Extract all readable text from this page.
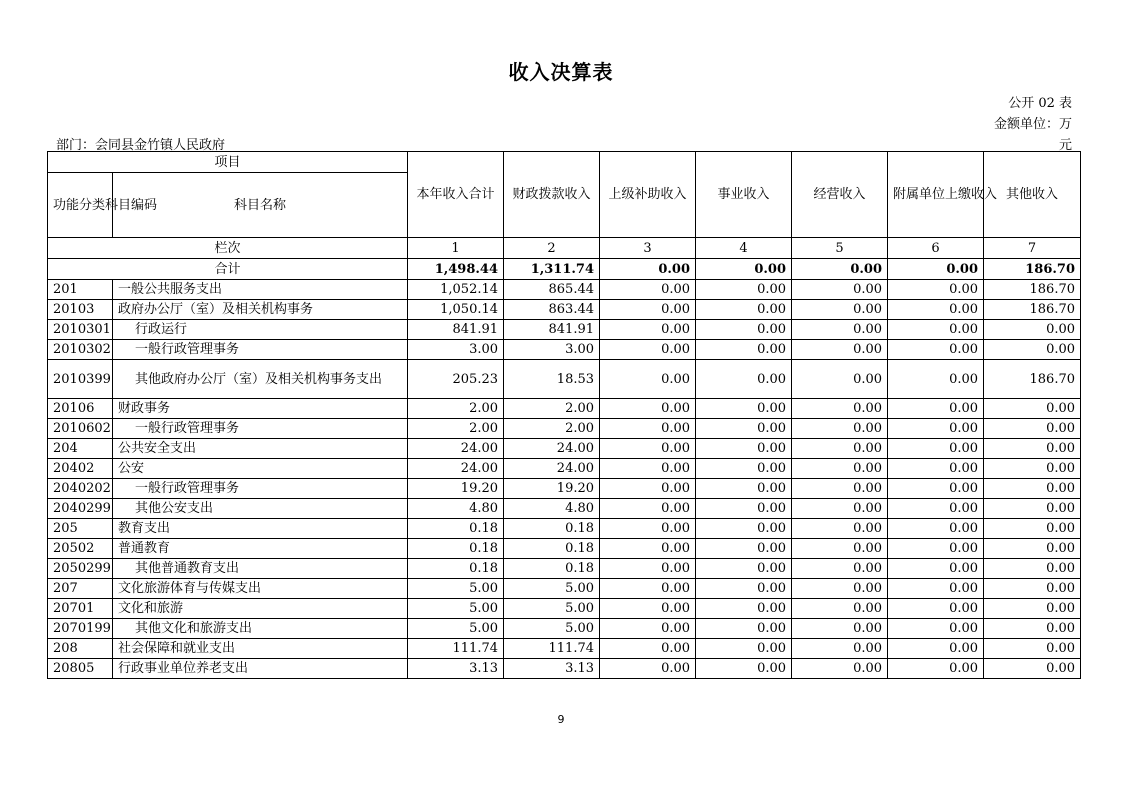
收入决算表
公开 02 表
金额单位：万
元
部门：会同县金竹镇人民政府
项目		本年收入合计	财政拨款收入	上级补助收入	事业收入	经营收入	附属单位上缴收入	其他收入
功能分类科目编码	科目名称							
栏次		1	2	3	4	5	6	7
合计		1,498.44	1,311.74	0.00	0.00	0.00	0.00	186.70
201	一般公共服务支出	1,052.14	865.44	0.00	0.00	0.00	0.00	186.70
20103	政府办公厅（室）及相关机构事务	1,050.14	863.44	0.00	0.00	0.00	0.00	186.70
2010301	行政运行	841.91	841.91	0.00	0.00	0.00	0.00	0.00
2010302	一般行政管理事务	3.00	3.00	0.00	0.00	0.00	0.00	0.00
2010399	其他政府办公厅（室）及相关机构事务支出	205.23	18.53	0.00	0.00	0.00	0.00	186.70
20106	财政事务	2.00	2.00	0.00	0.00	0.00	0.00	0.00
2010602	一般行政管理事务	2.00	2.00	0.00	0.00	0.00	0.00	0.00
204	公共安全支出	24.00	24.00	0.00	0.00	0.00	0.00	0.00
20402	公安	24.00	24.00	0.00	0.00	0.00	0.00	0.00
2040202	一般行政管理事务	19.20	19.20	0.00	0.00	0.00	0.00	0.00
2040299	其他公安支出	4.80	4.80	0.00	0.00	0.00	0.00	0.00
205	教育支出	0.18	0.18	0.00	0.00	0.00	0.00	0.00
20502	普通教育	0.18	0.18	0.00	0.00	0.00	0.00	0.00
2050299	其他普通教育支出	0.18	0.18	0.00	0.00	0.00	0.00	0.00
207	文化旅游体育与传媒支出	5.00	5.00	0.00	0.00	0.00	0.00	0.00
20701	文化和旅游	5.00	5.00	0.00	0.00	0.00	0.00	0.00
2070199	其他文化和旅游支出	5.00	5.00	0.00	0.00	0.00	0.00	0.00
208	社会保障和就业支出	111.74	111.74	0.00	0.00	0.00	0.00	0.00
20805	行政事业单位养老支出	3.13	3.13	0.00	0.00	0.00	0.00	0.00
9
